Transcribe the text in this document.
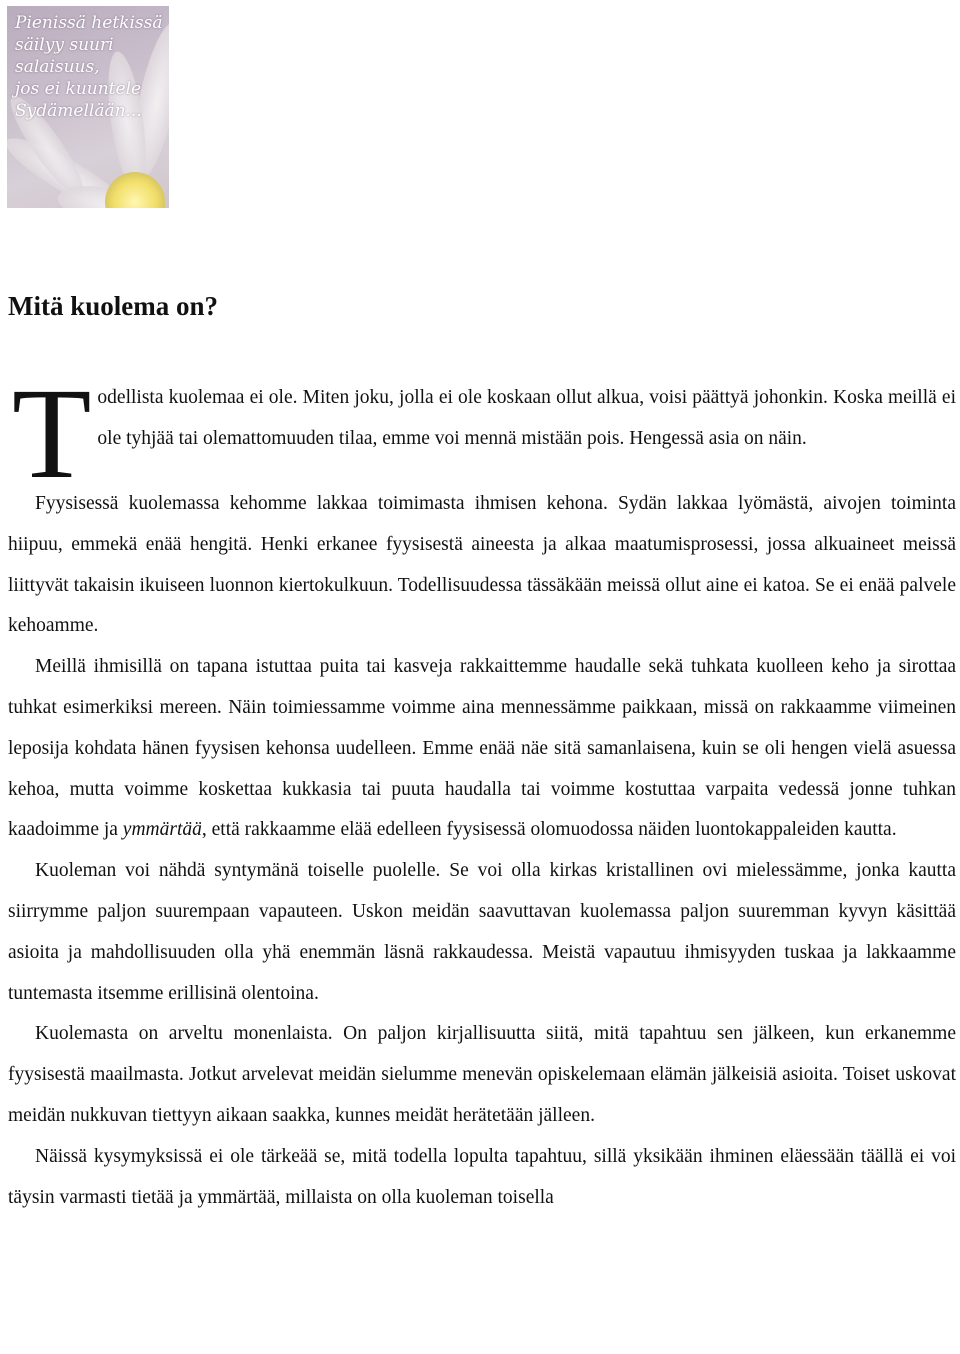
Pienissä hetkissä
säilyy suuri salaisuus,
jos ei kuuntele
Sydämellään...
Mitä kuolema on?

T odellista kuolemaa ei ole. Miten joku, jolla ei ole koskaan ollut alkua, voisi päättyä johonkin. Koska meillä ei ole tyhjää tai olemattomuuden tilaa, emme voi mennä mistään pois. Hengessä asia on näin.

Fyysisessä kuolemassa kehomme lakkaa toimimasta ihmisen kehona. Sydän lakkaa lyömästä, aivojen toiminta hiipuu, emmekä enää hengitä. Henki erkanee fyysisestä aineesta ja alkaa maatumisprosessi, jossa alkuaineet meissä liittyvät takaisin ikuiseen luonnon kiertokulkuun. Todellisuudessa tässäkään meissä ollut aine ei katoa. Se ei enää palvele kehoamme.

Meillä ihmisillä on tapana istuttaa puita tai kasveja rakkaittemme haudalle sekä tuhkata kuolleen keho ja sirottaa tuhkat esimerkiksi mereen. Näin toimiessamme voimme aina mennessämme paikkaan, missä on rakkaamme viimeinen leposija kohdata hänen fyysisen kehonsa uudelleen. Emme enää näe sitä samanlaisena, kuin se oli hengen vielä asuessa kehoa, mutta voimme koskettaa kukkasia tai puuta haudalla tai voimme kostuttaa varpaita vedessä jonne tuhkan kaadoimme ja ymmärtää, että rakkaamme elää edelleen fyysisessä olomuodossa näiden luontokappaleiden kautta.

Kuoleman voi nähdä syntymänä toiselle puolelle. Se voi olla kirkas kristallinen ovi mielessämme, jonka kautta siirrymme paljon suurempaan vapauteen. Uskon meidän saavuttavan kuolemassa paljon suuremman kyvyn käsittää asioita ja mahdollisuuden olla yhä enemmän läsnä rakkaudessa. Meistä vapautuu ihmisyyden tuskaa ja lakkaamme tuntemasta itsemme erillisinä olentoina.

Kuolemasta on arveltu monenlaista. On paljon kirjallisuutta siitä, mitä tapahtuu sen jälkeen, kun erkanemme fyysisestä maailmasta. Jotkut arvelevat meidän sielumme menevän opiskelemaan elämän jälkeisiä asioita. Toiset uskovat meidän nukkuvan tiettyyn aikaan saakka, kunnes meidät herätetään jälleen.

Näissä kysymyksissä ei ole tärkeää se, mitä todella lopulta tapahtuu, sillä yksikään ihminen eläessään täällä ei voi täysin varmasti tietää ja ymmärtää, millaista on olla kuoleman toisella
